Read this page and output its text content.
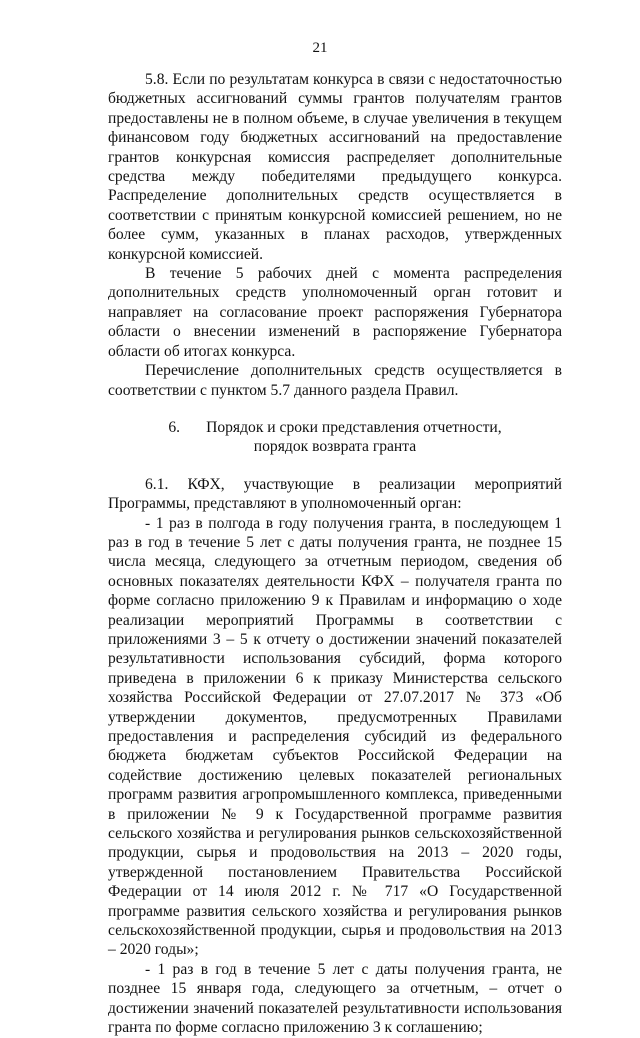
21

5.8. Если по результатам конкурса в связи с недостаточностью бюджетных ассигнований суммы грантов получателям грантов предоставлены не в полном объеме, в случае увеличения в текущем финансовом году бюджетных ассигнований на предоставление грантов конкурсная комиссия распределяет дополнительные средства между победителями предыдущего конкурса. Распределение дополнительных средств осуществляется в соответствии с принятым конкурсной комиссией решением, но не более сумм, указанных в планах расходов, утвержденных конкурсной комиссией.

В течение 5 рабочих дней с момента распределения дополнительных средств уполномоченный орган готовит и направляет на согласование проект распоряжения Губернатора области о внесении изменений в распоряжение Губернатора области об итогах конкурса.

Перечисление дополнительных средств осуществляется в соответствии с пунктом 5.7 данного раздела Правил.

6. Порядок и сроки представления отчетности,
порядок возврата гранта

6.1. КФХ, участвующие в реализации мероприятий Программы, представляют в уполномоченный орган:

- 1 раз в полгода в году получения гранта, в последующем 1 раз в год в течение 5 лет с даты получения гранта, не позднее 15 числа месяца, следующего за отчетным периодом, сведения об основных показателях деятельности КФХ – получателя гранта по форме согласно приложению 9 к Правилам и информацию о ходе реализации мероприятий Программы в соответствии с приложениями 3 – 5 к отчету о достижении значений показателей результативности использования субсидий, форма которого приведена в приложении 6 к приказу Министерства сельского хозяйства Российской Федерации от 27.07.2017 № 373 «Об утверждении документов, предусмотренных Правилами предоставления и распределения субсидий из федерального бюджета бюджетам субъектов Российской Федерации на содействие достижению целевых показателей региональных программ развития агропромышленного комплекса, приведенными в приложении № 9 к Государственной программе развития сельского хозяйства и регулирования рынков сельскохозяйственной продукции, сырья и продовольствия на 2013 – 2020 годы, утвержденной постановлением Правительства Российской Федерации от 14 июля 2012 г. № 717 «О Государственной программе развития сельского хозяйства и регулирования рынков сельскохозяйственной продукции, сырья и продовольствия на 2013 – 2020 годы»;

- 1 раз в год в течение 5 лет с даты получения гранта, не позднее 15 января года, следующего за отчетным, – отчет о достижении значений показателей результативности использования гранта по форме согласно приложению 3 к соглашению;
